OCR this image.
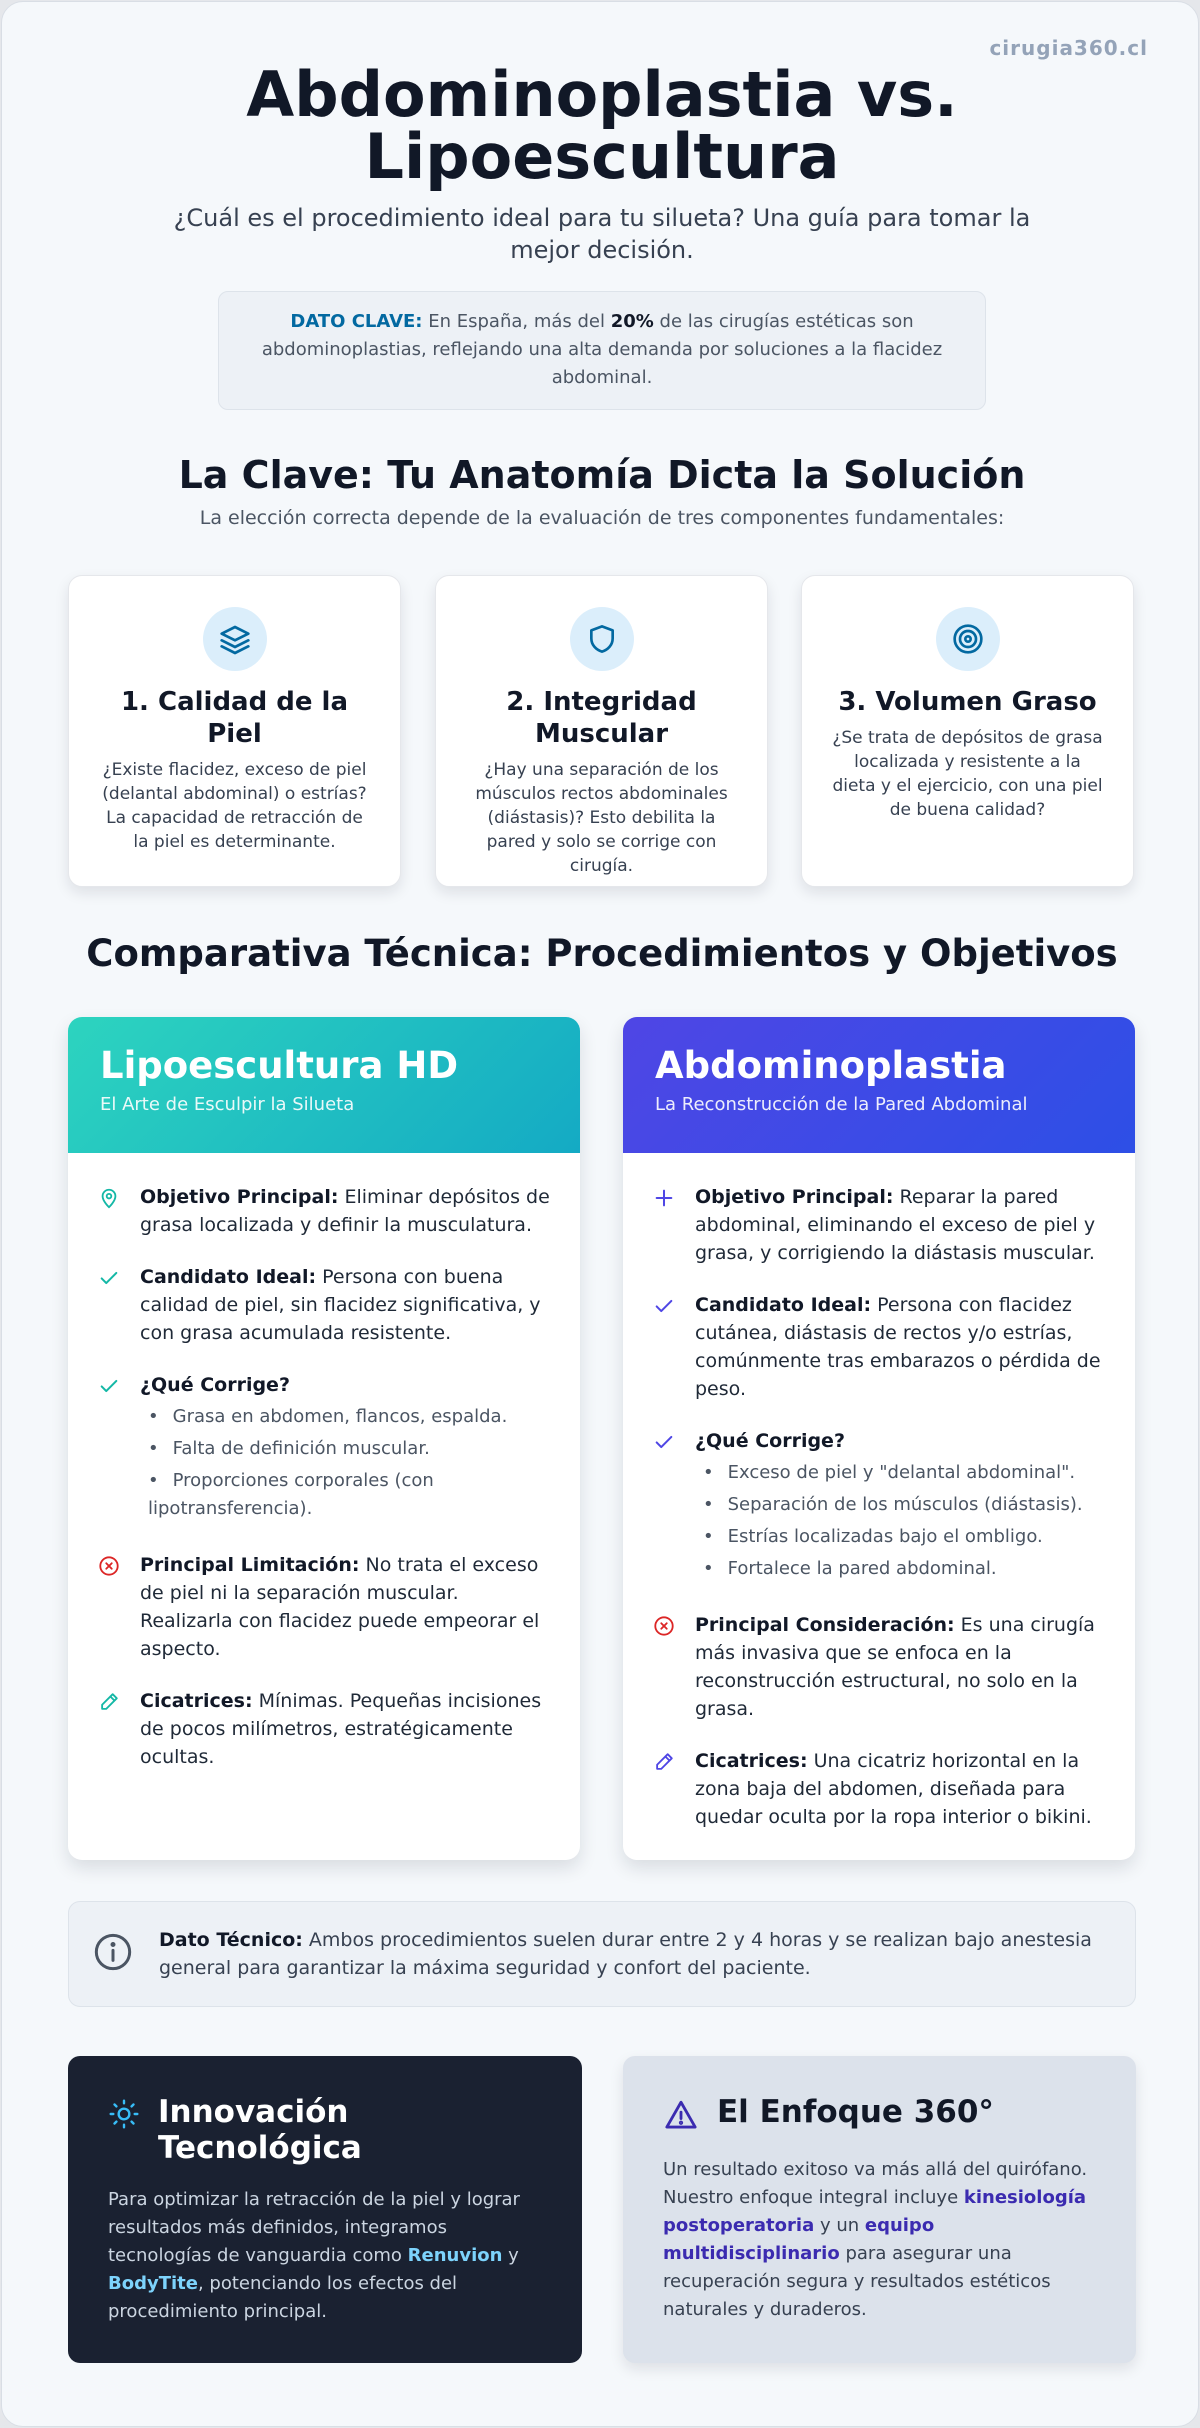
cirugia360.cl
Abdominoplastia vs. Lipoescultura

¿Cuál es el procedimiento ideal para tu silueta? Una guía para tomar la mejor decisión.

DATO CLAVE: En España, más del 20% de las cirugías estéticas son abdominoplastias, reflejando una alta demanda por soluciones a la flacidez abdominal.
La Clave: Tu Anatomía Dicta la Solución

La elección correcta depende de la evaluación de tres componentes fundamentales:

1. Calidad de la Piel

¿Existe flacidez, exceso de piel (delantal abdominal) o estrías? La capacidad de retracción de la piel es determinante.

2. Integridad Muscular

¿Hay una separación de los músculos rectos abdominales (diástasis)? Esto debilita la pared y solo se corrige con cirugía.

3. Volumen Graso

¿Se trata de depósitos de grasa localizada y resistente a la dieta y el ejercicio, con una piel de buena calidad?

Comparativa Técnica: Procedimientos y Objetivos
Lipoescultura HD
El Arte de Esculpir la Silueta
Objetivo Principal: Eliminar depósitos de grasa localizada y definir la musculatura.
Candidato Ideal: Persona con buena calidad de piel, sin flacidez significativa, y con grasa acumulada resistente.
¿Qué Corrige?
• Grasa en abdomen, flancos, espalda.
• Falta de definición muscular.
• Proporciones corporales (con lipotransferencia).
Principal Limitación: No trata el exceso de piel ni la separación muscular. Realizarla con flacidez puede empeorar el aspecto.
Cicatrices: Mínimas. Pequeñas incisiones de pocos milímetros, estratégicamente ocultas.
Abdominoplastia
La Reconstrucción de la Pared Abdominal
Objetivo Principal: Reparar la pared abdominal, eliminando el exceso de piel y grasa, y corrigiendo la diástasis muscular.
Candidato Ideal: Persona con flacidez cutánea, diástasis de rectos y/o estrías, comúnmente tras embarazos o pérdida de peso.
¿Qué Corrige?
• Exceso de piel y "delantal abdominal".
• Separación de los músculos (diástasis).
• Estrías localizadas bajo el ombligo.
• Fortalece la pared abdominal.
Principal Consideración: Es una cirugía más invasiva que se enfoca en la reconstrucción estructural, no solo en la grasa.
Cicatrices: Una cicatriz horizontal en la zona baja del abdomen, diseñada para quedar oculta por la ropa interior o bikini.
Dato Técnico: Ambos procedimientos suelen durar entre 2 y 4 horas y se realizan bajo anestesia general para garantizar la máxima seguridad y confort del paciente.
Innovación Tecnológica

Para optimizar la retracción de la piel y lograr resultados más definidos, integramos tecnologías de vanguardia como Renuvion y BodyTite, potenciando los efectos del procedimiento principal.

El Enfoque 360°

Un resultado exitoso va más allá del quirófano. Nuestro enfoque integral incluye kinesiología postoperatoria y un equipo multidisciplinario para asegurar una recuperación segura y resultados estéticos naturales y duraderos.
